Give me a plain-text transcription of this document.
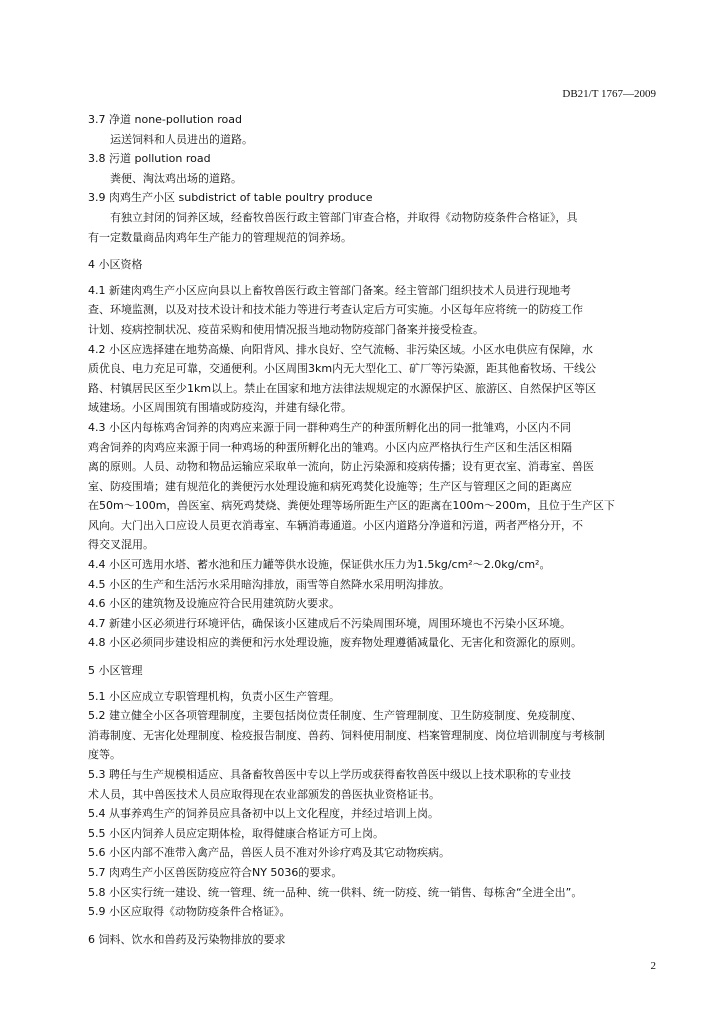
DB21/T 1767—2009
3.7 净道 none-pollution road
运送饲料和人员进出的道路。
3.8 污道 pollution road
粪便、淘汰鸡出场的道路。
3.9 肉鸡生产小区 subdistrict of table poultry produce
有独立封闭的饲养区域，经畜牧兽医行政主管部门审查合格，并取得《动物防疫条件合格证》，具
有一定数量商品肉鸡年生产能力的管理规范的饲养场。
4 小区资格
4.1 新建肉鸡生产小区应向县以上畜牧兽医行政主管部门备案。经主管部门组织技术人员进行现地考
查、环境监测，以及对技术设计和技术能力等进行考查认定后方可实施。小区每年应将统一的防疫工作
计划、疫病控制状况、疫苗采购和使用情况报当地动物防疫部门备案并接受检查。
4.2 小区应选择建在地势高燥、向阳背风、排水良好、空气流畅、非污染区域。小区水电供应有保障，水
质优良、电力充足可靠，交通便利。小区周围3km内无大型化工、矿厂等污染源，距其他畜牧场、干线公
路、村镇居民区至少1km以上。禁止在国家和地方法律法规规定的水源保护区、旅游区、自然保护区等区
域建场。小区周围筑有围墙或防疫沟，并建有绿化带。
4.3 小区内每栋鸡舍饲养的肉鸡应来源于同一群种鸡生产的种蛋所孵化出的同一批雏鸡，小区内不同
鸡舍饲养的肉鸡应来源于同一种鸡场的种蛋所孵化出的雏鸡。小区内应严格执行生产区和生活区相隔
离的原则。人员、动物和物品运输应采取单一流向，防止污染源和疫病传播；设有更衣室、消毒室、兽医
室、防疫围墙；建有规范化的粪便污水处理设施和病死鸡焚化设施等；生产区与管理区之间的距离应
在50m～100m，兽医室、病死鸡焚烧、粪便处理等场所距生产区的距离在100m～200m，且位于生产区下
风向。大门出入口应设人员更衣消毒室、车辆消毒通道。小区内道路分净道和污道，两者严格分开，不
得交叉混用。
4.4 小区可选用水塔、蓄水池和压力罐等供水设施，保证供水压力为1.5kg/cm²～2.0kg/cm²。
4.5 小区的生产和生活污水采用暗沟排放，雨雪等自然降水采用明沟排放。
4.6 小区的建筑物及设施应符合民用建筑防火要求。
4.7 新建小区必须进行环境评估，确保该小区建成后不污染周围环境，周围环境也不污染小区环境。
4.8 小区必须同步建设相应的粪便和污水处理设施，废弃物处理遵循减量化、无害化和资源化的原则。
5 小区管理
5.1 小区应成立专职管理机构，负责小区生产管理。
5.2 建立健全小区各项管理制度，主要包括岗位责任制度、生产管理制度、卫生防疫制度、免疫制度、
消毒制度、无害化处理制度、检疫报告制度、兽药、饲料使用制度、档案管理制度、岗位培训制度与考核制
度等。
5.3 聘任与生产规模相适应、具备畜牧兽医中专以上学历或获得畜牧兽医中级以上技术职称的专业技
术人员，其中兽医技术人员应取得现在农业部颁发的兽医执业资格证书。
5.4 从事养鸡生产的饲养员应具备初中以上文化程度，并经过培训上岗。
5.5 小区内饲养人员应定期体检，取得健康合格证方可上岗。
5.6 小区内部不准带入禽产品，兽医人员不准对外诊疗鸡及其它动物疾病。
5.7 肉鸡生产小区兽医防疫应符合NY 5036的要求。
5.8 小区实行统一建设、统一管理、统一品种、统一供料、统一防疫、统一销售、每栋舍“全进全出”。
5.9 小区应取得《动物防疫条件合格证》。
6 饲料、饮水和兽药及污染物排放的要求
2
